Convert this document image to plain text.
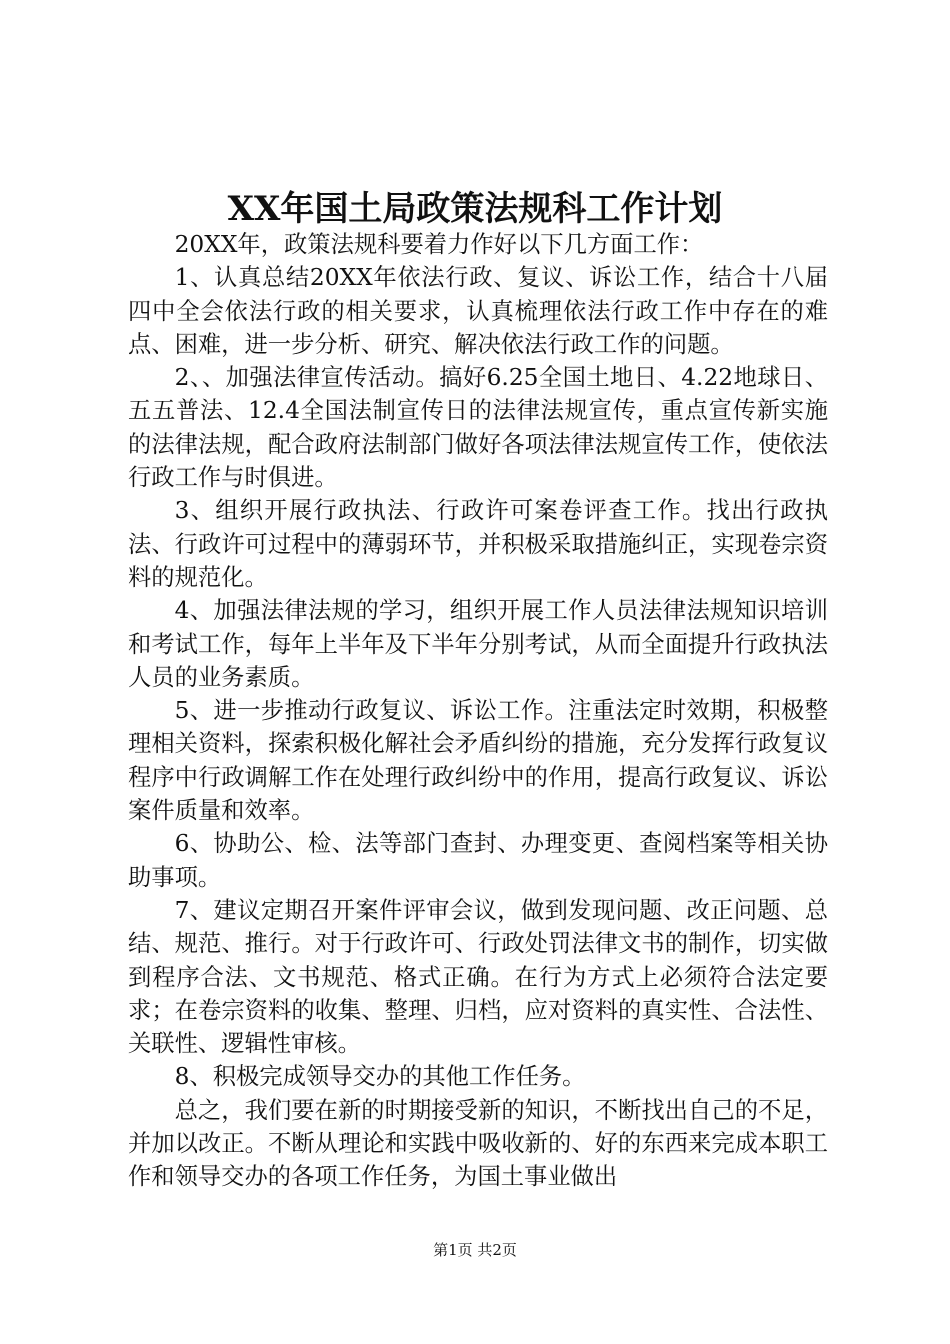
XX年国土局政策法规科工作计划

20XX年，政策法规科要着力作好以下几方面工作：

1、认真总结20XX年依法行政、复议、诉讼工作，结合十八届四中全会依法行政的相关要求，认真梳理依法行政工作中存在的难点、困难，进一步分析、研究、解决依法行政工作的问题。

2、、加强法律宣传活动。搞好6.25全国土地日、4.22地球日、五五普法、12.4全国法制宣传日的法律法规宣传，重点宣传新实施的法律法规，配合政府法制部门做好各项法律法规宣传工作，使依法行政工作与时俱进。

3、组织开展行政执法、行政许可案卷评查工作。找出行政执法、行政许可过程中的薄弱环节，并积极采取措施纠正，实现卷宗资料的规范化。

4、加强法律法规的学习，组织开展工作人员法律法规知识培训和考试工作，每年上半年及下半年分别考试，从而全面提升行政执法人员的业务素质。

5、进一步推动行政复议、诉讼工作。注重法定时效期，积极整理相关资料，探索积极化解社会矛盾纠纷的措施，充分发挥行政复议程序中行政调解工作在处理行政纠纷中的作用，提高行政复议、诉讼案件质量和效率。

6、协助公、检、法等部门查封、办理变更、查阅档案等相关协助事项。

7、建议定期召开案件评审会议，做到发现问题、改正问题、总结、规范、推行。对于行政许可、行政处罚法律文书的制作，切实做到程序合法、文书规范、格式正确。在行为方式上必须符合法定要求；在卷宗资料的收集、整理、归档，应对资料的真实性、合法性、关联性、逻辑性审核。

8、积极完成领导交办的其他工作任务。

总之，我们要在新的时期接受新的知识，不断找出自己的不足，并加以改正。不断从理论和实践中吸收新的、好的东西来完成本职工作和领导交办的各项工作任务，为国土事业做出

第1页 共2页
